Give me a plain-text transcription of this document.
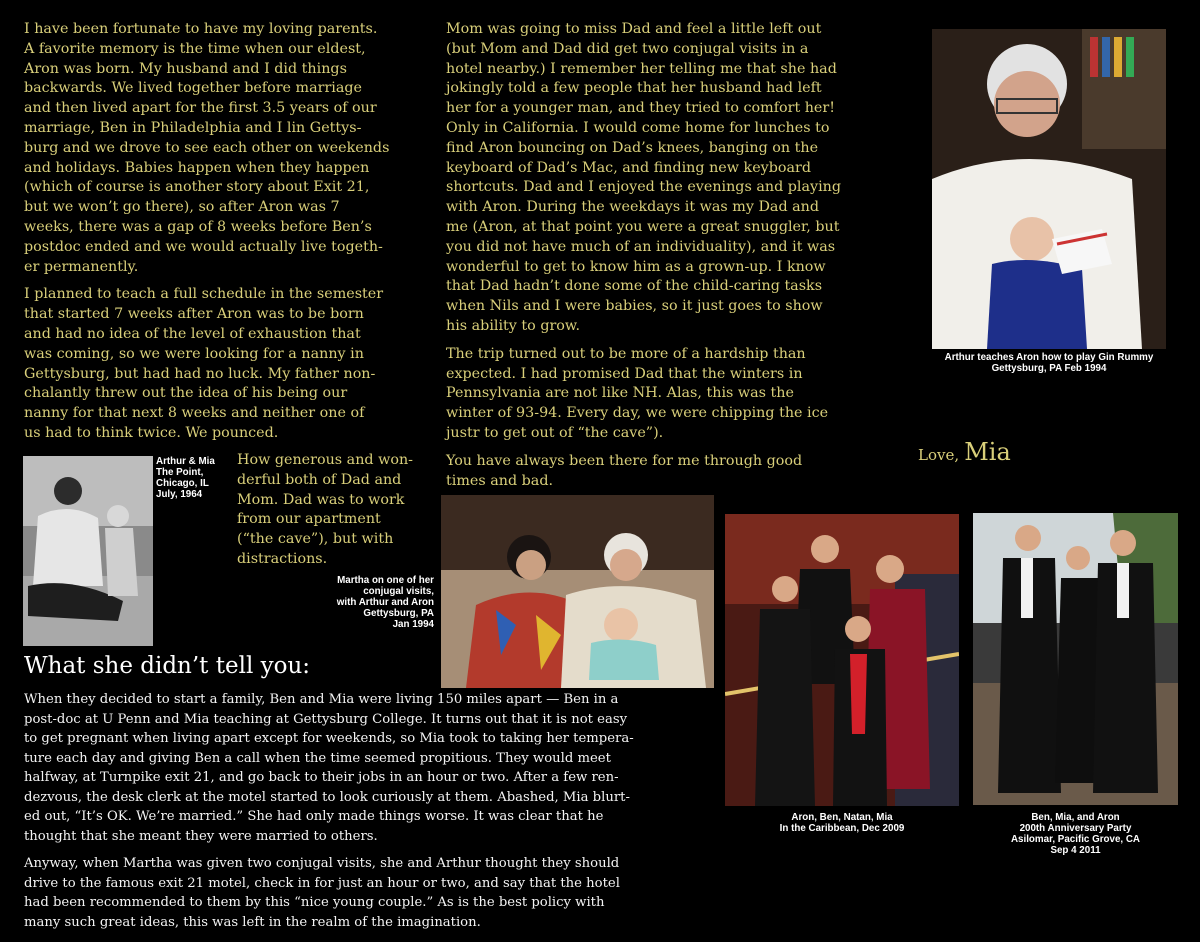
I have been fortunate to have my loving parents.
A favorite memory is the time when our eldest,
Aron was born. My husband and I did things
backwards. We lived together before marriage
and then lived apart for the first 3.5 years of our
marriage, Ben in Philadelphia and I lin Gettys-
burg and we drove to see each other on weekends
and holidays. Babies happen when they happen
(which of course is another story about Exit 21,
but we won’t go there), so after Aron was 7
weeks, there was a gap of 8 weeks before Ben’s
postdoc ended and we would actually live togeth-
er permanently.

I planned to teach a full schedule in the semester
that started 7 weeks after Aron was to be born
and had no idea of the level of exhaustion that
was coming, so we were looking for a nanny in
Gettysburg, but had had no luck. My father non-
chalantly threw out the idea of his being our
nanny for that next 8 weeks and neither one of
us had to think twice. We pounced.

How generous and won-
derful both of Dad and
Mom. Dad was to work
from our apartment
(“the cave”), but with
distractions.

Mom was going to miss Dad and feel a little left out
(but Mom and Dad did get two conjugal visits in a
hotel nearby.) I remember her telling me that she had
jokingly told a few people that her husband had left
her for a younger man, and they tried to comfort her!
Only in California. I would come home for lunches to
find Aron bouncing on Dad’s knees, banging on the
keyboard of Dad’s Mac, and finding new keyboard
shortcuts. Dad and I enjoyed the evenings and playing
with Aron. During the weekdays it was my Dad and
me (Aron, at that point you were a great snuggler, but
you did not have much of an individuality), and it was
wonderful to get to know him as a grown-up. I know
that Dad hadn’t done some of the child-caring tasks
when Nils and I were babies, so it just goes to show
his ability to grow.

The trip turned out to be more of a hardship than
expected. I had promised Dad that the winters in
Pennsylvania are not like NH. Alas, this was the
winter of 93-94. Every day, we were chipping the ice
justr to get out of “the cave”).

You have always been there for me through good
times and bad.

Love, Mia
Arthur & Mia
The Point,
Chicago, IL
July, 1964
Martha on one of her
conjugal visits,
with Arthur and Aron
Gettysburg, PA
Jan 1994
Arthur teaches Aron how to play Gin Rummy
Gettysburg, PA Feb 1994
Aron, Ben, Natan, Mia
In the Caribbean, Dec 2009
Ben, Mia, and Aron
200th Anniversary Party
Asilomar, Pacific Grove, CA
Sep 4 2011
What she didn’t tell you:

When they decided to start a family, Ben and Mia were living 150 miles apart — Ben in a
post-doc at U Penn and Mia teaching at Gettysburg College. It turns out that it is not easy
to get pregnant when living apart except for weekends, so Mia took to taking her tempera-
ture each day and giving Ben a call when the time seemed propitious. They would meet
halfway, at Turnpike exit 21, and go back to their jobs in an hour or two. After a few ren-
dezvous, the desk clerk at the motel started to look curiously at them. Abashed, Mia blurt-
ed out, “It’s OK. We’re married.” She had only made things worse. It was clear that he
thought that she meant they were married to others.

Anyway, when Martha was given two conjugal visits, she and Arthur thought they should
drive to the famous exit 21 motel, check in for just an hour or two, and say that the hotel
had been recommended to them by this “nice young couple.” As is the best policy with
many such great ideas, this was left in the realm of the imagination.
